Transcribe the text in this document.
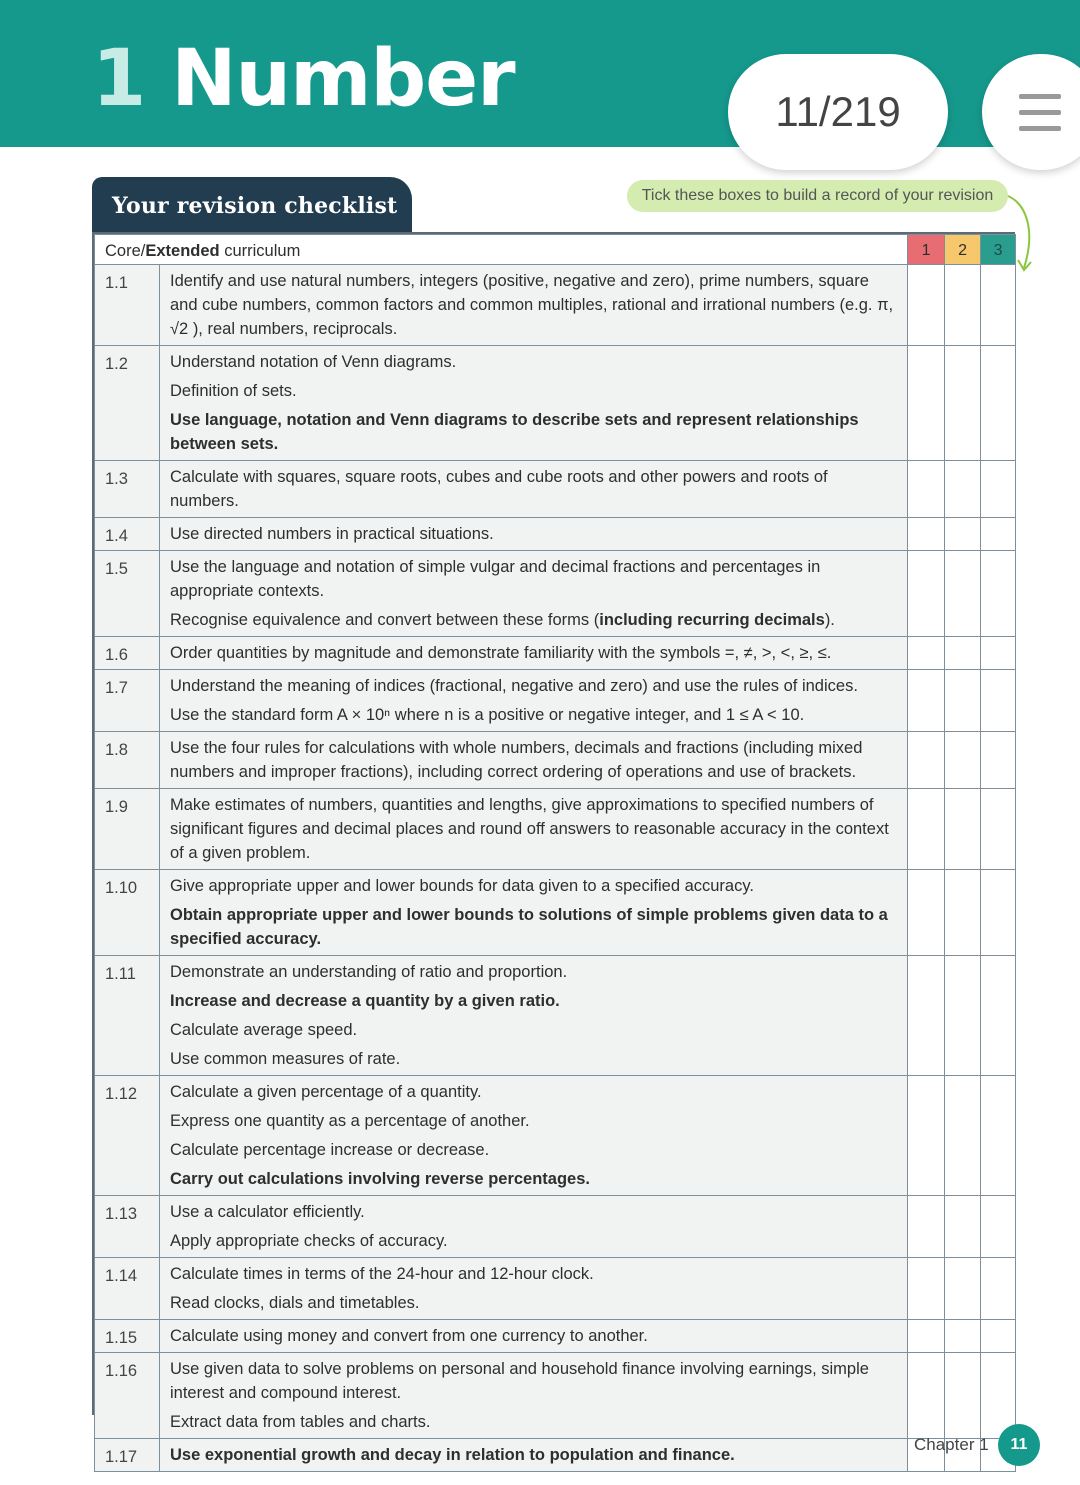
1 Number	11/219
Your revision checklist	Tick these boxes to build a record of your revision
Core/Extended curriculum		1	2	3
1.1	Identify and use natural numbers, integers (positive, negative and zero), prime numbers, square and cube numbers, common factors and common multiples, rational and irrational numbers (e.g. π, √2 ), real numbers, reciprocals.			

1.2	Understand notation of Venn diagrams.
Definition of sets.
Use language, notation and Venn diagrams to describe sets and represent relationships between sets.			

1.3	Calculate with squares, square roots, cubes and cube roots and other powers and roots of numbers.			

1.4	Use directed numbers in practical situations.			

1.5	Use the language and notation of simple vulgar and decimal fractions and percentages in appropriate contexts.
Recognise equivalence and convert between these forms (including recurring decimals).			

1.6	Order quantities by magnitude and demonstrate familiarity with the symbols =, ≠, >, <, ≥, ≤.			

1.7	Understand the meaning of indices (fractional, negative and zero) and use the rules of indices.
Use the standard form A × 10ⁿ where n is a positive or negative integer, and 1 ≤ A < 10.			

1.8	Use the four rules for calculations with whole numbers, decimals and fractions (including mixed numbers and improper fractions), including correct ordering of operations and use of brackets.			

1.9	Make estimates of numbers, quantities and lengths, give approximations to specified numbers of significant figures and decimal places and round off answers to reasonable accuracy in the context of a given problem.			

1.10	Give appropriate upper and lower bounds for data given to a specified accuracy.
Obtain appropriate upper and lower bounds to solutions of simple problems given data to a specified accuracy.			

1.11	Demonstrate an understanding of ratio and proportion.
Increase and decrease a quantity by a given ratio.
Calculate average speed.
Use common measures of rate.			

1.12	Calculate a given percentage of a quantity.
Express one quantity as a percentage of another.
Calculate percentage increase or decrease.
Carry out calculations involving reverse percentages.			

1.13	Use a calculator efficiently.
Apply appropriate checks of accuracy.			

1.14	Calculate times in terms of the 24-hour and 12-hour clock.
Read clocks, dials and timetables.			

1.15	Calculate using money and convert from one currency to another.			

1.16	Use given data to solve problems on personal and household finance involving earnings, simple interest and compound interest.
Extract data from tables and charts.			

1.17	Use exponential growth and decay in relation to population and finance.			

Chapter 1	11
